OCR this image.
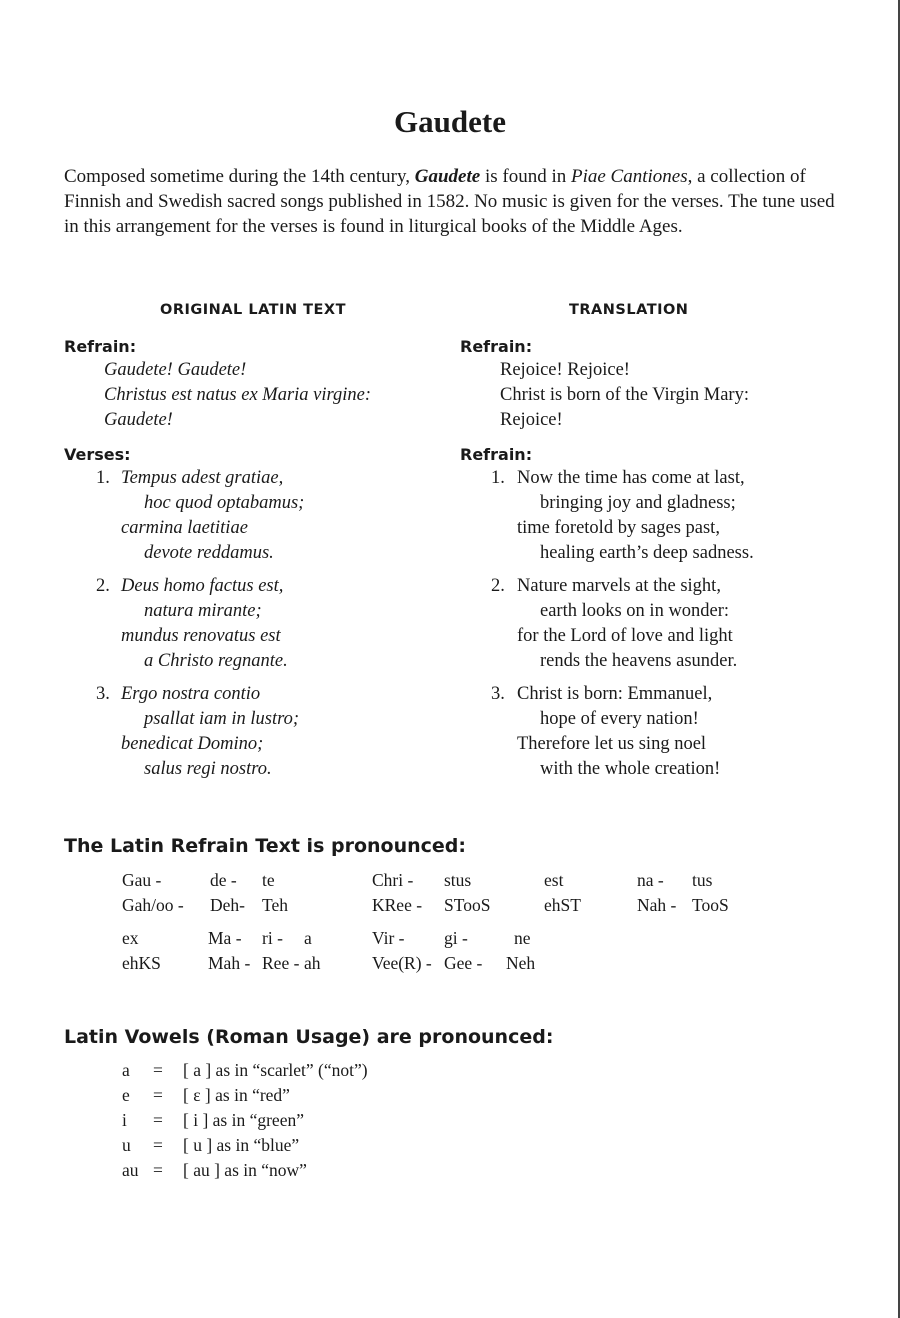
Gaudete
Composed sometime during the 14th century, Gaudete is found in Piae Cantiones, a collection of Finnish and Swedish sacred songs published in 1582. No music is given for the verses. The tune used in this arrangement for the verses is found in liturgical books of the Middle Ages.
ORIGINAL LATIN TEXT	TRANSLATION
Refrain:
Gaudete! Gaudete!
Christus est natus ex Maria virgine:
Gaudete!
Verses:
1. Tempus adest gratiae,
hoc quod optabamus;
carmina laetitiae
devote reddamus.
2. Deus homo factus est,
natura mirante;
mundus renovatus est
a Christo regnante.
3. Ergo nostra contio
psallat iam in lustro;
benedicat Domino;
salus regi nostro.
Refrain:
Rejoice! Rejoice!
Christ is born of the Virgin Mary:
Rejoice!
Refrain:
1. Now the time has come at last,
bringing joy and gladness;
time foretold by sages past,
healing earth’s deep sadness.
2. Nature marvels at the sight,
earth looks on in wonder:
for the Lord of love and light
rends the heavens asunder.
3. Christ is born: Emmanuel,
hope of every nation!
Therefore let us sing noel
with the whole creation!
The Latin Refrain Text is pronounced:
Gau -	de - te	Chri - stus	est	na - tus
Gah/oo - Deh- Teh	KRee - STooS	ehST	Nah - TooS
ex	Ma - ri - a	Vir - gi -	ne
ehKS	Mah - Ree - ah	Vee(R) - Gee - Neh
Latin Vowels (Roman Usage) are pronounced:
a = [ a ] as in “scarlet” (“not”)
e = [ ε ] as in “red”
i = [ i ] as in “green”
u = [ u ] as in “blue”
au = [ au ] as in “now”
